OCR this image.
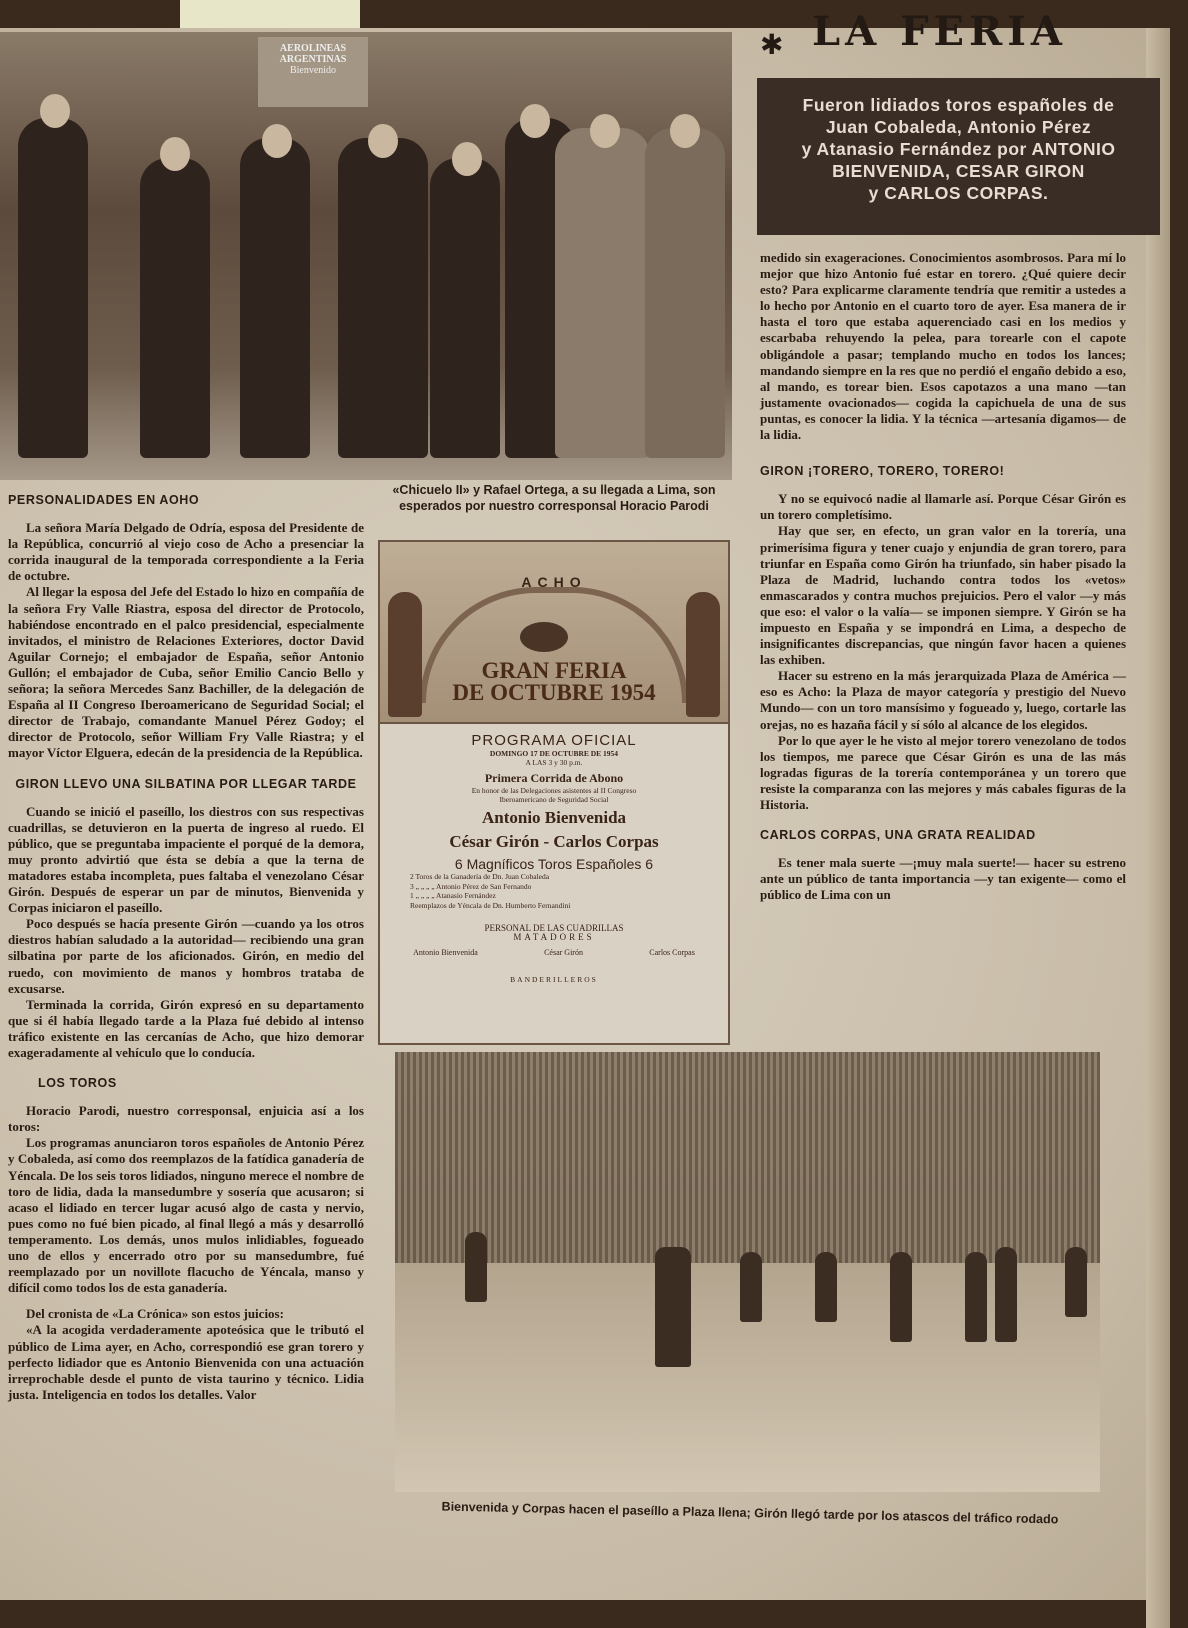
✱ LA FERIA
AEROLINEAS
ARGENTINAS
Bienvenido
Fueron lidiados toros españoles de
Juan Cobaleda, Antonio Pérez
y Atanasio Fernández por ANTONIO
BIENVENIDA, CESAR GIRON
y CARLOS CORPAS.
«Chicuelo II» y Rafael Ortega, a su llegada a Lima, son esperados por nuestro corresponsal Horacio Parodi
PERSONALIDADES EN AOHO

La señora María Delgado de Odría, esposa del Presidente de la República, concurrió al viejo coso de Acho a presenciar la corrida inaugural de la temporada correspondiente a la Feria de octubre.

Al llegar la esposa del Jefe del Estado lo hizo en compañía de la señora Fry Valle Riastra, esposa del director de Protocolo, habiéndose encontrado en el palco presidencial, especialmente invitados, el ministro de Relaciones Exteriores, doctor David Aguilar Cornejo; el embajador de España, señor Antonio Gullón; el embajador de Cuba, señor Emilio Cancio Bello y señora; la señora Mercedes Sanz Bachiller, de la delegación de España al II Congreso Iberoamericano de Seguridad Social; el director de Trabajo, comandante Manuel Pérez Godoy; el director de Protocolo, señor William Fry Valle Riastra; y el mayor Víctor Elguera, edecán de la presidencia de la República.

GIRON LLEVO UNA SILBATINA POR LLEGAR TARDE

Cuando se inició el paseíllo, los diestros con sus respectivas cuadrillas, se detuvieron en la puerta de ingreso al ruedo. El público, que se preguntaba impaciente el porqué de la demora, muy pronto advirtió que ésta se debía a que la terna de matadores estaba incompleta, pues faltaba el venezolano César Girón. Después de esperar un par de minutos, Bienvenida y Corpas iniciaron el paseíllo.

Poco después se hacía presente Girón —cuando ya los otros diestros habían saludado a la autoridad— recibiendo una gran silbatina por parte de los aficionados. Girón, en medio del ruedo, con movimiento de manos y hombros trataba de excusarse.

Terminada la corrida, Girón expresó en su departamento que si él había llegado tarde a la Plaza fué debido al intenso tráfico existente en las cercanías de Acho, que hizo demorar exageradamente al vehículo que lo conducía.

LOS TOROS

Horacio Parodi, nuestro corresponsal, enjuicia así a los toros:

Los programas anunciaron toros españoles de Antonio Pérez y Cobaleda, así como dos reemplazos de la fatídica ganadería de Yéncala. De los seis toros lidiados, ninguno merece el nombre de toro de lidia, dada la mansedumbre y sosería que acusaron; si acaso el lidiado en tercer lugar acusó algo de casta y nervio, pues como no fué bien picado, al final llegó a más y desarrolló temperamento. Los demás, unos mulos inlidiables, fogueado uno de ellos y encerrado otro por su mansedumbre, fué reemplazado por un novillote flacucho de Yéncala, manso y difícil como todos los de esta ganadería.

Del cronista de «La Crónica» son estos juicios:

«A la acogida verdaderamente apoteósica que le tributó el público de Lima ayer, en Acho, correspondió ese gran torero y perfecto lidiador que es Antonio Bienvenida con una actuación irreprochable desde el punto de vista taurino y técnico. Lidia justa. Inteligencia en todos los detalles. Valor

medido sin exageraciones. Conocimientos asombrosos. Para mí lo mejor que hizo Antonio fué estar en torero. ¿Qué quiere decir esto? Para explicarme claramente tendría que remitir a ustedes a lo hecho por Antonio en el cuarto toro de ayer. Esa manera de ir hasta el toro que estaba aquerenciado casi en los medios y escarbaba rehuyendo la pelea, para torearle con el capote obligándole a pasar; templando mucho en todos los lances; mandando siempre en la res que no perdió el engaño debido a eso, al mando, es torear bien. Esos capotazos a una mano —tan justamente ovacionados— cogida la capichuela de una de sus puntas, es conocer la lidia. Y la técnica —artesanía digamos— de la lidia.

GIRON ¡TORERO, TORERO, TORERO!

Y no se equivocó nadie al llamarle así. Porque César Girón es un torero completísimo.

Hay que ser, en efecto, un gran valor en la torería, una primerísima figura y tener cuajo y enjundia de gran torero, para triunfar en España como Girón ha triunfado, sin haber pisado la Plaza de Madrid, luchando contra todos los «vetos» enmascarados y contra muchos prejuicios. Pero el valor —y más que eso: el valor o la valía— se imponen siempre. Y Girón se ha impuesto en España y se impondrá en Lima, a despecho de insignificantes discrepancias, que ningún favor hacen a quienes las exhiben.

Hacer su estreno en la más jerarquizada Plaza de América —eso es Acho: la Plaza de mayor categoría y prestigio del Nuevo Mundo— con un toro mansísimo y fogueado y, luego, cortarle las orejas, no es hazaña fácil y sí sólo al alcance de los elegidos.

Por lo que ayer le he visto al mejor torero venezolano de todos los tiempos, me parece que César Girón es una de las más logradas figuras de la torería contemporánea y un torero que resiste la comparanza con las mejores y más cabales figuras de la Historia.

CARLOS CORPAS, UNA GRATA REALIDAD

Es tener mala suerte —¡muy mala suerte!— hacer su estreno ante un público de tanta importancia —y tan exigente— como el público de Lima con un

ACHO
GRAN FERIA
DE OCTUBRE 1954
PROGRAMA OFICIAL
DOMINGO 17 DE OCTUBRE DE 1954
A LAS 3 y 30 p.m.
Primera Corrida de Abono
En honor de las Delegaciones asistentes al II Congreso Iberoamericano de Seguridad Social
Antonio Bienvenida
César Girón - Carlos Corpas
6 Magníficos Toros Españoles 6
2 Toros de la Ganadería de Dn. Juan Cobaleda
3 „ „ „ „ Antonio Pérez de San Fernando
1 „ „ „ „ Atanasio Fernández
Reemplazos de Yéncala de Dn. Humberto Fernandini
PERSONAL DE LAS CUADRILLAS
MATADORES
Antonio Bienvenida	César Girón	Carlos Corpas
BANDERILLEROS
Bienvenida y Corpas hacen el paseíllo a Plaza llena; Girón llegó tarde por los atascos del tráfico rodado
